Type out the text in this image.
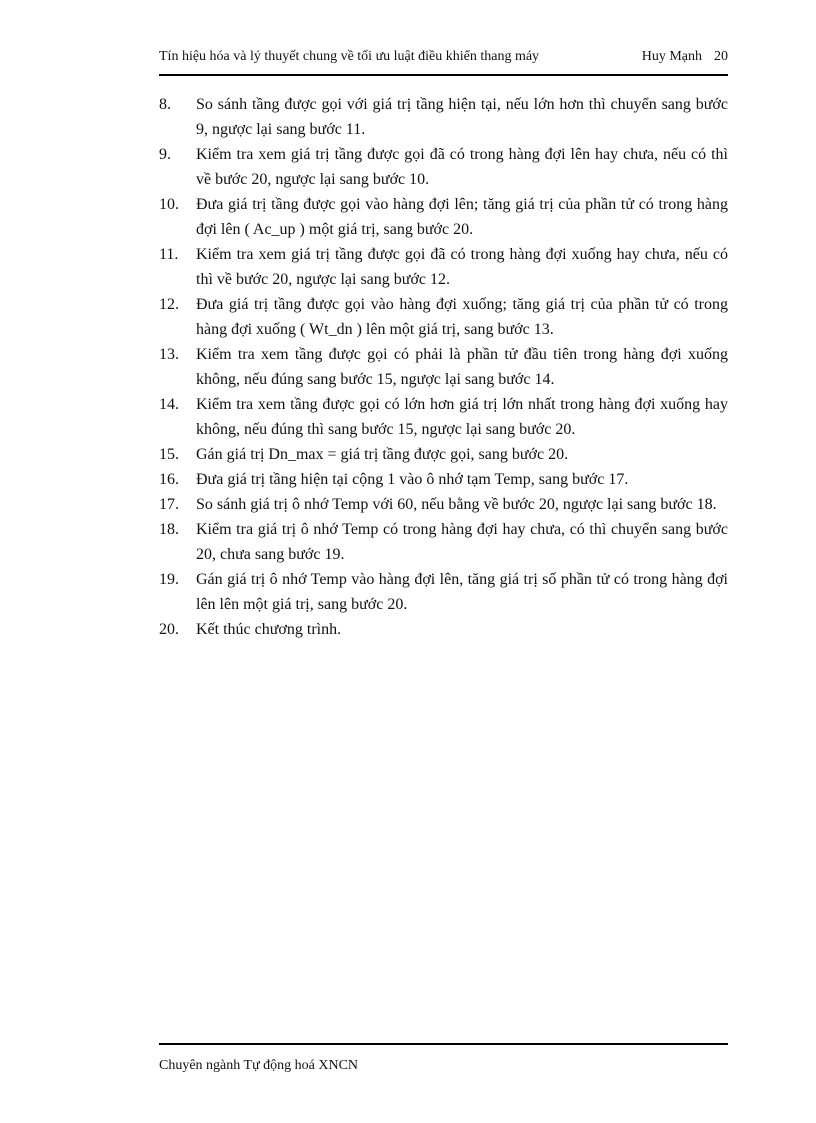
Tín hiệu hóa và lý thuyết chung về tối ưu luật điều khiển thang máy	Huy Mạnh 20
8. So sánh tầng được gọi với giá trị tầng hiện tại, nếu lớn hơn thì chuyển sang bước 9, ngược lại sang bước 11.
9. Kiểm tra xem giá trị tầng được gọi đã có trong hàng đợi lên hay chưa, nếu có thì về bước 20, ngược lại sang bước 10.
10. Đưa giá trị tầng được gọi vào hàng đợi lên; tăng giá trị của phần tử có trong hàng đợi lên ( Ac_up ) một giá trị, sang bước 20.
11. Kiểm tra xem giá trị tầng được gọi đã có trong hàng đợi xuống hay chưa, nếu có thì về bước 20, ngược lại sang bước 12.
12. Đưa giá trị tầng được gọi vào hàng đợi xuống; tăng giá trị của phần tử có trong hàng đợi xuống ( Wt_dn ) lên một giá trị, sang bước 13.
13. Kiểm tra xem tầng được gọi có phải là phần tử đầu tiên trong hàng đợi xuống không, nếu đúng sang bước 15, ngược lại sang bước 14.
14. Kiểm tra xem tầng được gọi có lớn hơn giá trị lớn nhất trong hàng đợi xuống hay không, nếu đúng thì sang bước 15, ngược lại sang bước 20.
15. Gán giá trị Dn_max = giá trị tầng được gọi, sang bước 20.
16. Đưa giá trị tầng hiện tại cộng 1 vào ô nhớ tạm Temp, sang bước 17.
17. So sánh giá trị ô nhớ Temp với 60, nếu bằng về bước 20, ngược lại sang bước 18.
18. Kiểm tra giá trị ô nhớ Temp có trong hàng đợi hay chưa, có thì chuyển sang bước 20, chưa sang bước 19.
19. Gán giá trị ô nhớ Temp vào hàng đợi lên, tăng giá trị số phần tử có trong hàng đợi lên lên một giá trị, sang bước 20.
20. Kết thúc chương trình.
Chuyên ngành Tự động hoá XNCN
